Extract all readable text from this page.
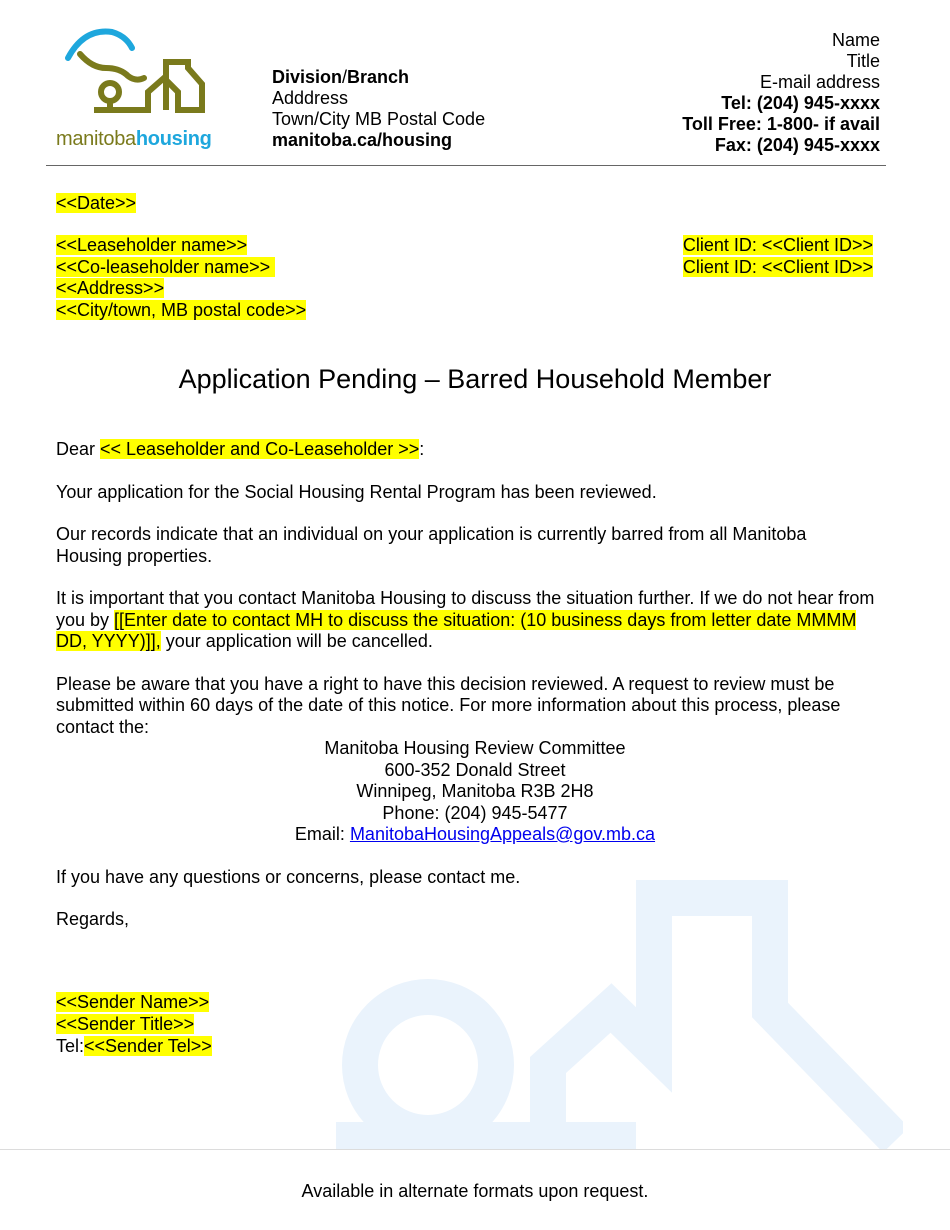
manitobahousing
Division/Branch
Adddress
Town/City MB Postal Code
manitoba.ca/housing
Name
Title
E-mail address
Tel: (204) 945-xxxx
Toll Free: 1-800- if avail
Fax: (204) 945-xxxx
<<Date>>
<<Leaseholder name>>
<<Co-leaseholder name>>
<<Address>>
<<City/town, MB postal code>>
Client ID: <<Client ID>>
Client ID: <<Client ID>>
Application Pending – Barred Household Member

Dear << Leaseholder and Co-Leaseholder >>:

Your application for the Social Housing Rental Program has been reviewed.

Our records indicate that an individual on your application is currently barred from all Manitoba Housing properties.

It is important that you contact Manitoba Housing to discuss the situation further. If we do not hear from you by [[Enter date to contact MH to discuss the situation: (10 business days from letter date MMMM DD, YYYY)]], your application will be cancelled.

Please be aware that you have a right to have this decision reviewed. A request to review must be submitted within 60 days of the date of this notice. For more information about this process, please contact the:

Manitoba Housing Review Committee
600-352 Donald Street
Winnipeg, Manitoba R3B 2H8
Phone: (204) 945-5477
Email: ManitobaHousingAppeals@gov.mb.ca

If you have any questions or concerns, please contact me.

Regards,

<<Sender Name>>
<<Sender Title>>
Tel:<<Sender Tel>>
Available in alternate formats upon request.
